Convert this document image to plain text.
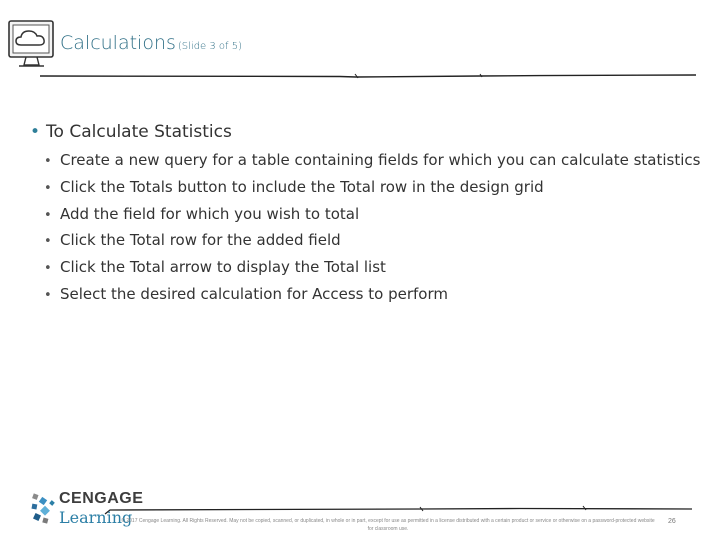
Calculations (Slide 3 of 5)
• To Calculate Statistics
• Create a new query for a table containing fields for which you can calculate statistics
• Click the Totals button to include the Total row in the design grid
• Add the field for which you wish to total
• Click the Total row for the added field
• Click the Total arrow to display the Total list
• Select the desired calculation for Access to perform
CENGAGE
Learning
© 2017 Cengage Learning. All Rights Reserved. May not be copied, scanned, or duplicated, in whole or in part, except for use as permitted in a license distributed with a certain product or service or otherwise on a password-protected website for classroom use.
26
